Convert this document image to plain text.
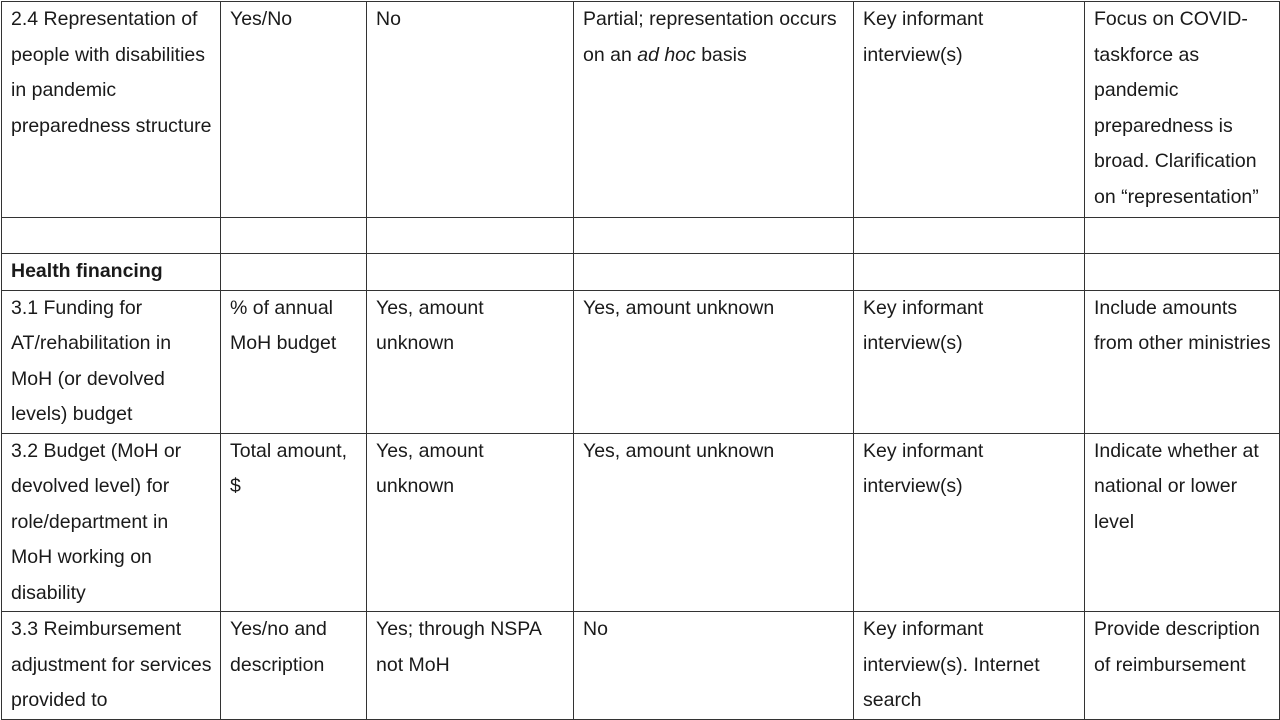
2.4 Representation of people with disabilities in pandemic preparedness structure	Yes/No	No	Partial; representation occurs on an ad hoc basis	Key informant interview(s)	Focus on COVID-taskforce as pandemic preparedness is broad. Clarification on “representation”

Health financing					
3.1 Funding for AT/rehabilitation in MoH (or devolved levels) budget	% of annual MoH budget	Yes, amount unknown	Yes, amount unknown	Key informant interview(s)	Include amounts from other ministries
3.2 Budget (MoH or devolved level) for role/department in MoH working on disability	Total amount, $	Yes, amount unknown	Yes, amount unknown	Key informant interview(s)	Indicate whether at national or lower level
3.3 Reimbursement adjustment for services provided to	Yes/no and description	Yes; through NSPA not MoH	No	Key informant interview(s). Internet search	Provide description of reimbursement
